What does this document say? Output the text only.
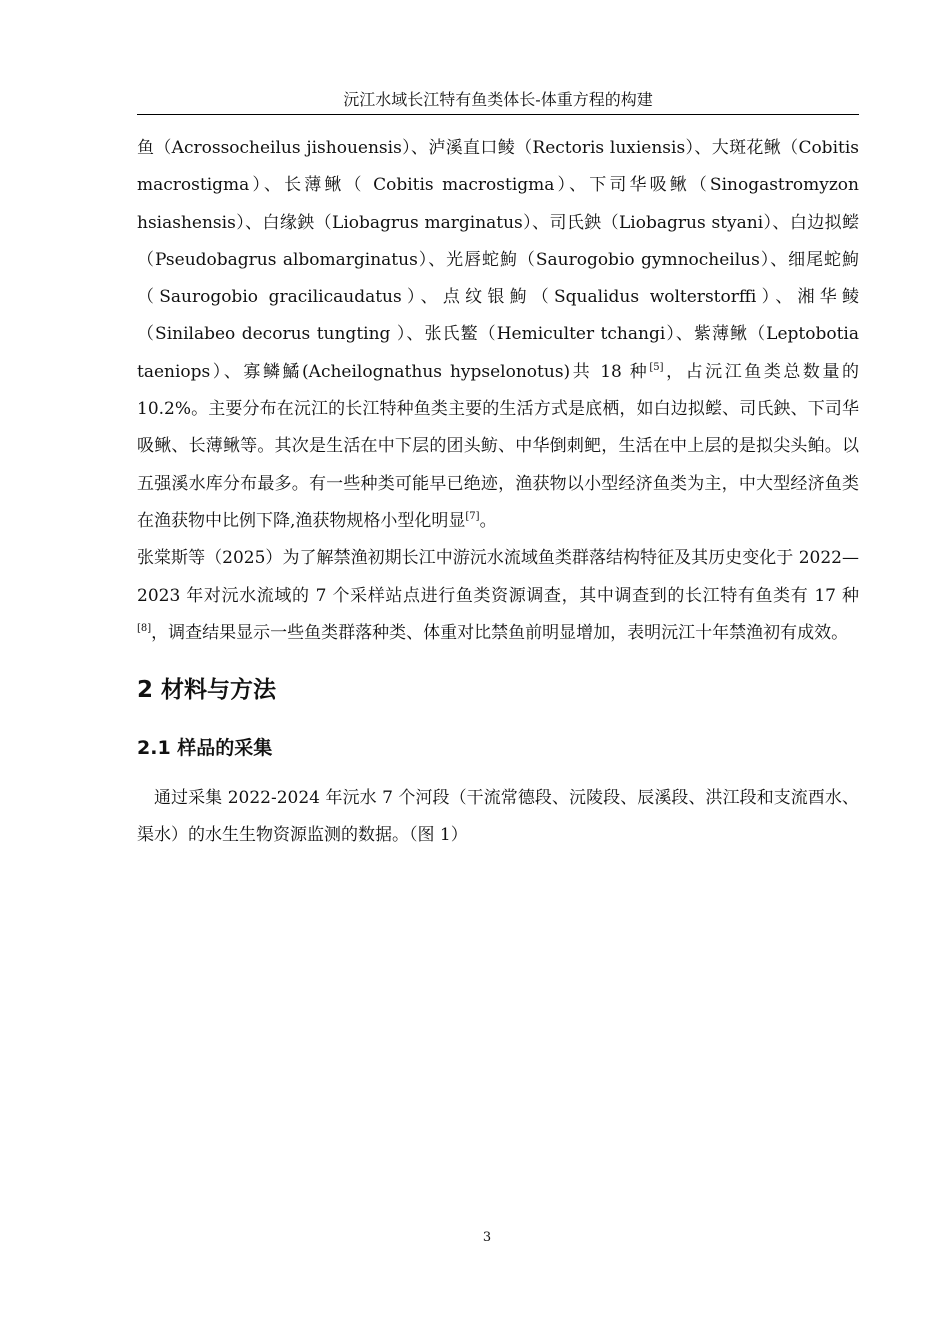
沅江水域长江特有鱼类体长-体重方程的构建

鱼（Acrossocheilus jishouensis）、泸溪直口鲮（Rectoris luxiensis）、大斑花鳅（Cobitis macrostigma）、长薄鳅（ Cobitis macrostigma）、下司华吸鳅（Sinogastromyzon hsiashensis）、白缘鉠（Liobagrus marginatus）、司氏鉠（Liobagrus styani）、白边拟鲿（Pseudobagrus albomarginatus）、光唇蛇鮈（Saurogobio gymnocheilus）、细尾蛇鮈（Saurogobio gracilicaudatus）、点纹银鮈（Squalidus wolterstorffi）、湘华鲮（Sinilabeo decorus tungting ）、张氏鳘（Hemiculter tchangi）、紫薄鳅（Leptobotia taeniops）、寡鳞鱊(Acheilognathus hypselonotus)共 18 种[5]，占沅江鱼类总数量的 10.2%。主要分布在沅江的长江特种鱼类主要的生活方式是底栖，如白边拟鲿、司氏鉠、下司华吸鳅、长薄鳅等。其次是生活在中下层的团头鲂、中华倒刺鲃，生活在中上层的是拟尖头鲌。以五强溪水库分布最多。有一些种类可能早已绝迹，渔获物以小型经济鱼类为主，中大型经济鱼类在渔获物中比例下降,渔获物规格小型化明显[7]。

张棠斯等（2025）为了解禁渔初期长江中游沅水流域鱼类群落结构特征及其历史变化于 2022—2023 年对沅水流域的 7 个采样站点进行鱼类资源调查，其中调查到的长江特有鱼类有 17 种[8]，调查结果显示一些鱼类群落种类、体重对比禁鱼前明显增加，表明沅江十年禁渔初有成效。

2 材料与方法
2.1 样品的采集

通过采集 2022-2024 年沅水 7 个河段（干流常德段、沅陵段、辰溪段、洪江段和支流酉水、渠水）的水生生物资源监测的数据。（图 1）

3
